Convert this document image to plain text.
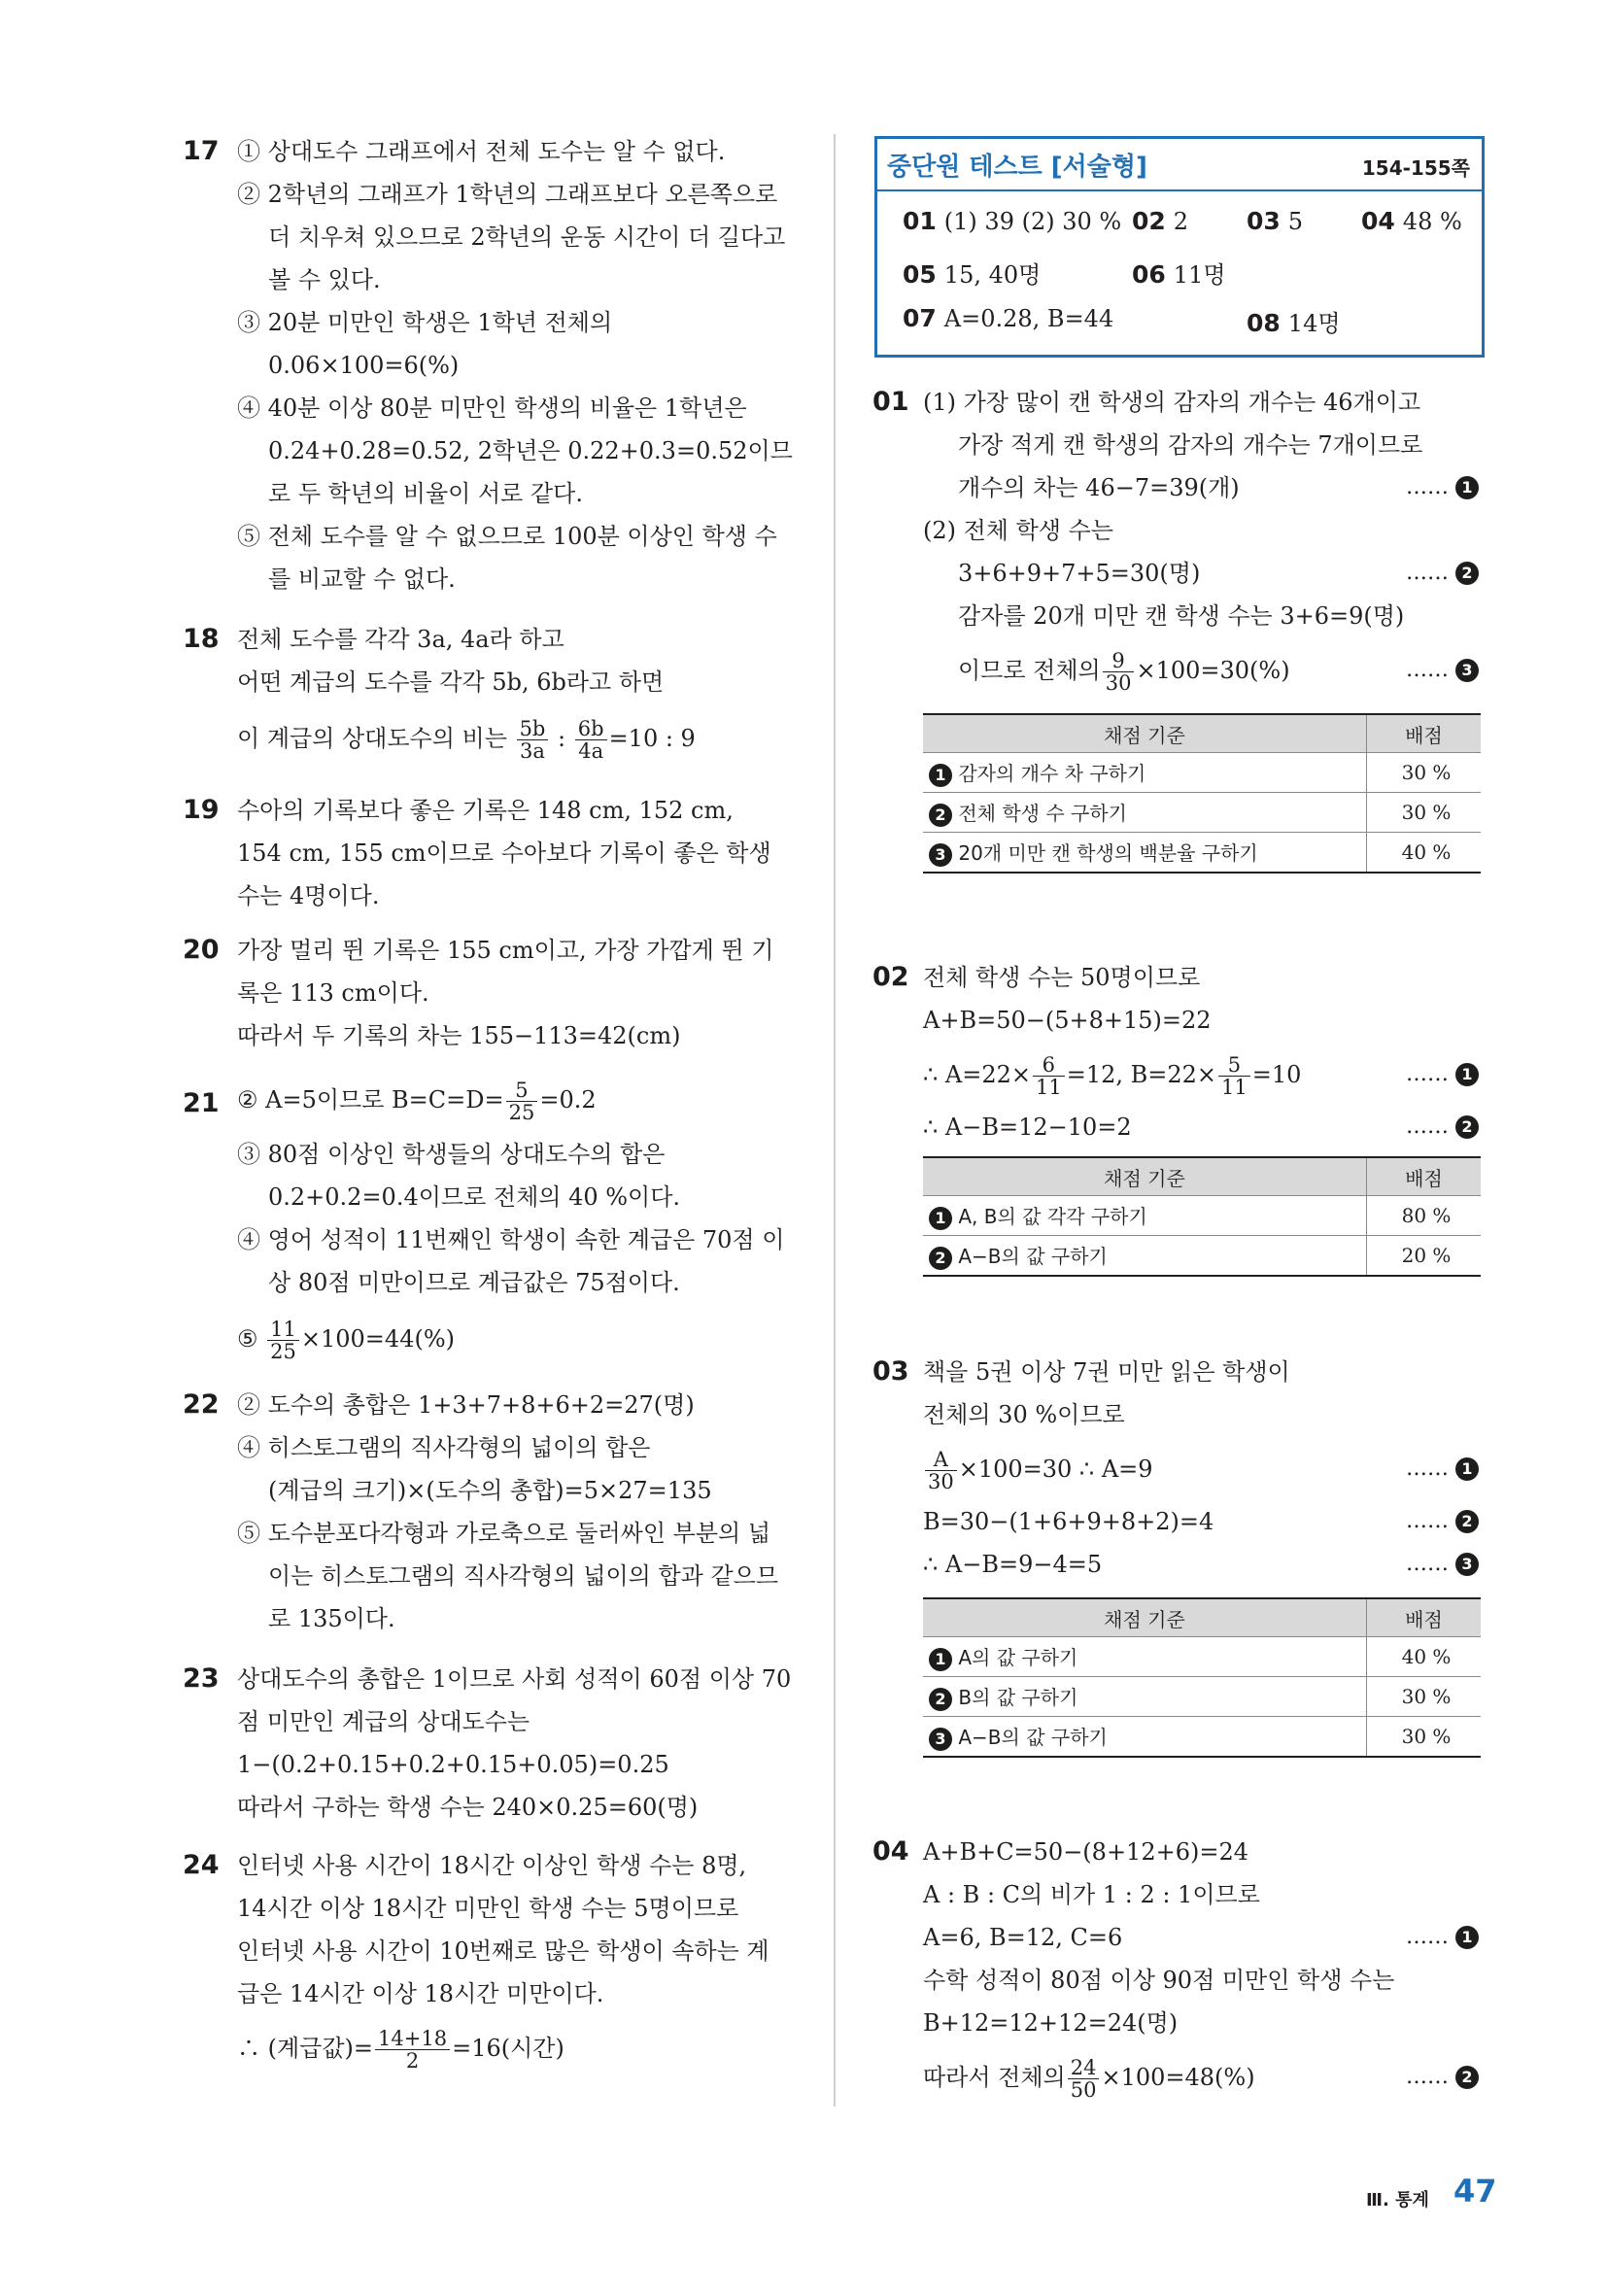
17 ① 상대도수 그래프에서 전체 도수는 알 수 없다.
② 2학년의 그래프가 1학년의 그래프보다 오른쪽으로
더 치우쳐 있으므로 2학년의 운동 시간이 더 길다고
볼 수 있다.
③ 20분 미만인 학생은 1학년 전체의
0.06×100=6(%)
④ 40분 이상 80분 미만인 학생의 비율은 1학년은
0.24+0.28=0.52, 2학년은 0.22+0.3=0.52이므
로 두 학년의 비율이 서로 같다.
⑤ 전체 도수를 알 수 없으므로 100분 이상인 학생 수
를 비교할 수 없다.
18 전체 도수를 각각 3a, 4a라 하고
어떤 계급의 도수를 각각 5b, 6b라고 하면
이 계급의 상대도수의 비는 $\frac{5b}{3a}$ : $\frac{6b}{4a} =10$ : 9
19 수아의 기록보다 좋은 기록은 148 cm, 152 cm,
154 cm, 155 cm이므로 수아보다 기록이 좋은 학생
수는 4명이다.
20 가장 멀리 뛴 기록은 155 cm이고, 가장 가깝게 뛴 기
록은 113 cm이다.
따라서 두 기록의 차는 155−113=42(cm)
21 ② A=5이므로 $B=C=D= \frac{5}{25} =0.2$
③ 80점 이상인 학생들의 상대도수의 합은
0.2+0.2=0.4이므로 전체의 40 %이다.
④ 영어 성적이 11번째인 학생이 속한 계급은 70점 이
상 80점 미만이므로 계급값은 75점이다.
⑤ $\frac{11}{25} \times 100=44(\%)$
22 ② 도수의 총합은 1+3+7+8+6+2=27(명)
④ 히스토그램의 직사각형의 넓이의 합은
(계급의 크기)×(도수의 총합)=5×27=135
⑤ 도수분포다각형과 가로축으로 둘러싸인 부분의 넓
이는 히스토그램의 직사각형의 넓이의 합과 같으므
로 135이다.
23 상대도수의 총합은 1이므로 사회 성적이 60점 이상 70
점 미만인 계급의 상대도수는
1−(0.2+0.15+0.2+0.15+0.05)=0.25
따라서 구하는 학생 수는 240×0.25=60(명)
24 인터넷 사용 시간이 18시간 이상인 학생 수는 8명,
14시간 이상 18시간 미만인 학생 수는 5명이므로
인터넷 사용 시간이 10번째로 많은 학생이 속하는 계
급은 14시간 이상 18시간 미만이다.
∴ (계급값)= $\frac{14+18}{2} =16$(시간)
중단원 테스트 [서술형]	154-155쪽
01 (1) 39 (2) 30 % 02 2 03 5 04 48 %
05 15, 40명	06 11명
07 A=0.28, B=44	08 14명
01 (1) 가장 많이 캔 학생의 감자의 개수는 46개이고
가장 적게 캔 학생의 감자의 개수는 7개이므로
개수의 차는 46−7=39(개)	…… 1
(2) 전체 학생 수는
3+6+9+7+5=30(명)	…… 2
감자를 20개 미만 캔 학생 수는 3+6=9(명)
이므로 전체의 $\frac{9}{30} \times 100=30(\%)$	…… 3
채점 기준	배점
1 감자의 개수 차 구하기	30 %
2 전체 학생 수 구하기	30 %
3 20개 미만 캔 학생의 백분율 구하기	40 %
02 전체 학생 수는 50명이므로
A+B=50−(5+8+15)=22
∴ $A=22\times \frac{6}{11} =12$, $B=22\times \frac{5}{11} =10$	…… 1
∴ A−B=12−10=2	…… 2
채점 기준	배점
1 A, B의 값 각각 구하기	80 %
2 A−B의 값 구하기	20 %
03 책을 5권 이상 7권 미만 읽은 학생이
전체의 30 %이므로
$\frac{A}{30} \times 100=30$ ∴ A=9	…… 1
B=30−(1+6+9+8+2)=4	…… 2
∴ A−B=9−4=5	…… 3
채점 기준	배점
1 A의 값 구하기	40 %
2 B의 값 구하기	30 %
3 A−B의 값 구하기	30 %
04 A+B+C=50−(8+12+6)=24
A : B : C의 비가 1 : 2 : 1이므로
A=6, B=12, C=6	…… 1
수학 성적이 80점 이상 90점 미만인 학생 수는
B+12=12+12=24(명)
따라서 전체의 $\frac{24}{50} \times 100=48(\%)$	…… 2
Ⅲ. 통계 47
